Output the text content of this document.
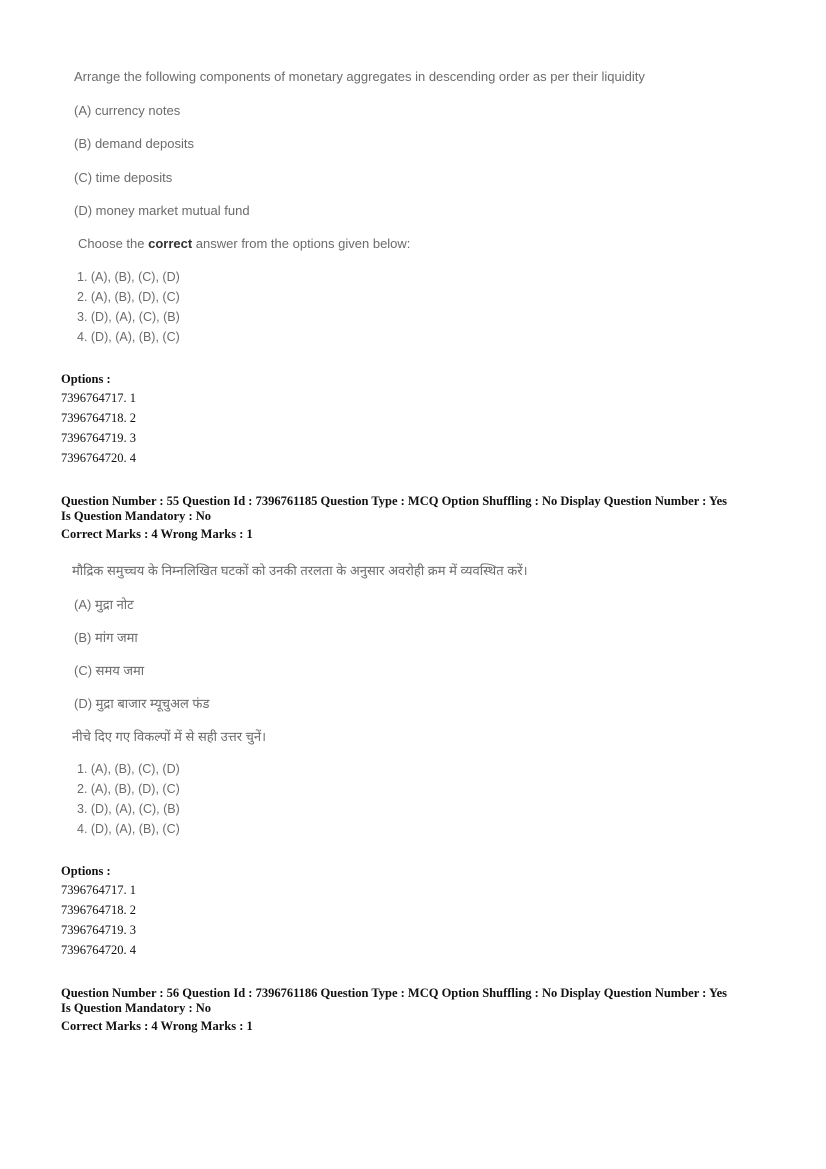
Arrange the following components of monetary aggregates in descending order as per their liquidity
(A) currency notes
(B) demand deposits
(C) time deposits
(D) money market mutual fund
Choose the correct answer from the options given below:
1. (A), (B), (C), (D)
2. (A), (B), (D), (C)
3. (D), (A), (C), (B)
4. (D), (A), (B), (C)
Options :
7396764717. 1
7396764718. 2
7396764719. 3
7396764720. 4
Question Number : 55 Question Id : 7396761185 Question Type : MCQ Option Shuffling : No Display Question Number : Yes
Is Question Mandatory : No
Correct Marks : 4 Wrong Marks : 1
मौद्रिक समुच्चय के निम्नलिखित घटकों को उनकी तरलता के अनुसार अवरोही क्रम में व्यवस्थित करें।
(A) मुद्रा नोट
(B) मांग जमा
(C) समय जमा
(D) मुद्रा बाजार म्यूचुअल फंड
नीचे दिए गए विकल्पों में से सही उत्तर चुनें।
1. (A), (B), (C), (D)
2. (A), (B), (D), (C)
3. (D), (A), (C), (B)
4. (D), (A), (B), (C)
Options :
7396764717. 1
7396764718. 2
7396764719. 3
7396764720. 4
Question Number : 56 Question Id : 7396761186 Question Type : MCQ Option Shuffling : No Display Question Number : Yes
Is Question Mandatory : No
Correct Marks : 4 Wrong Marks : 1
